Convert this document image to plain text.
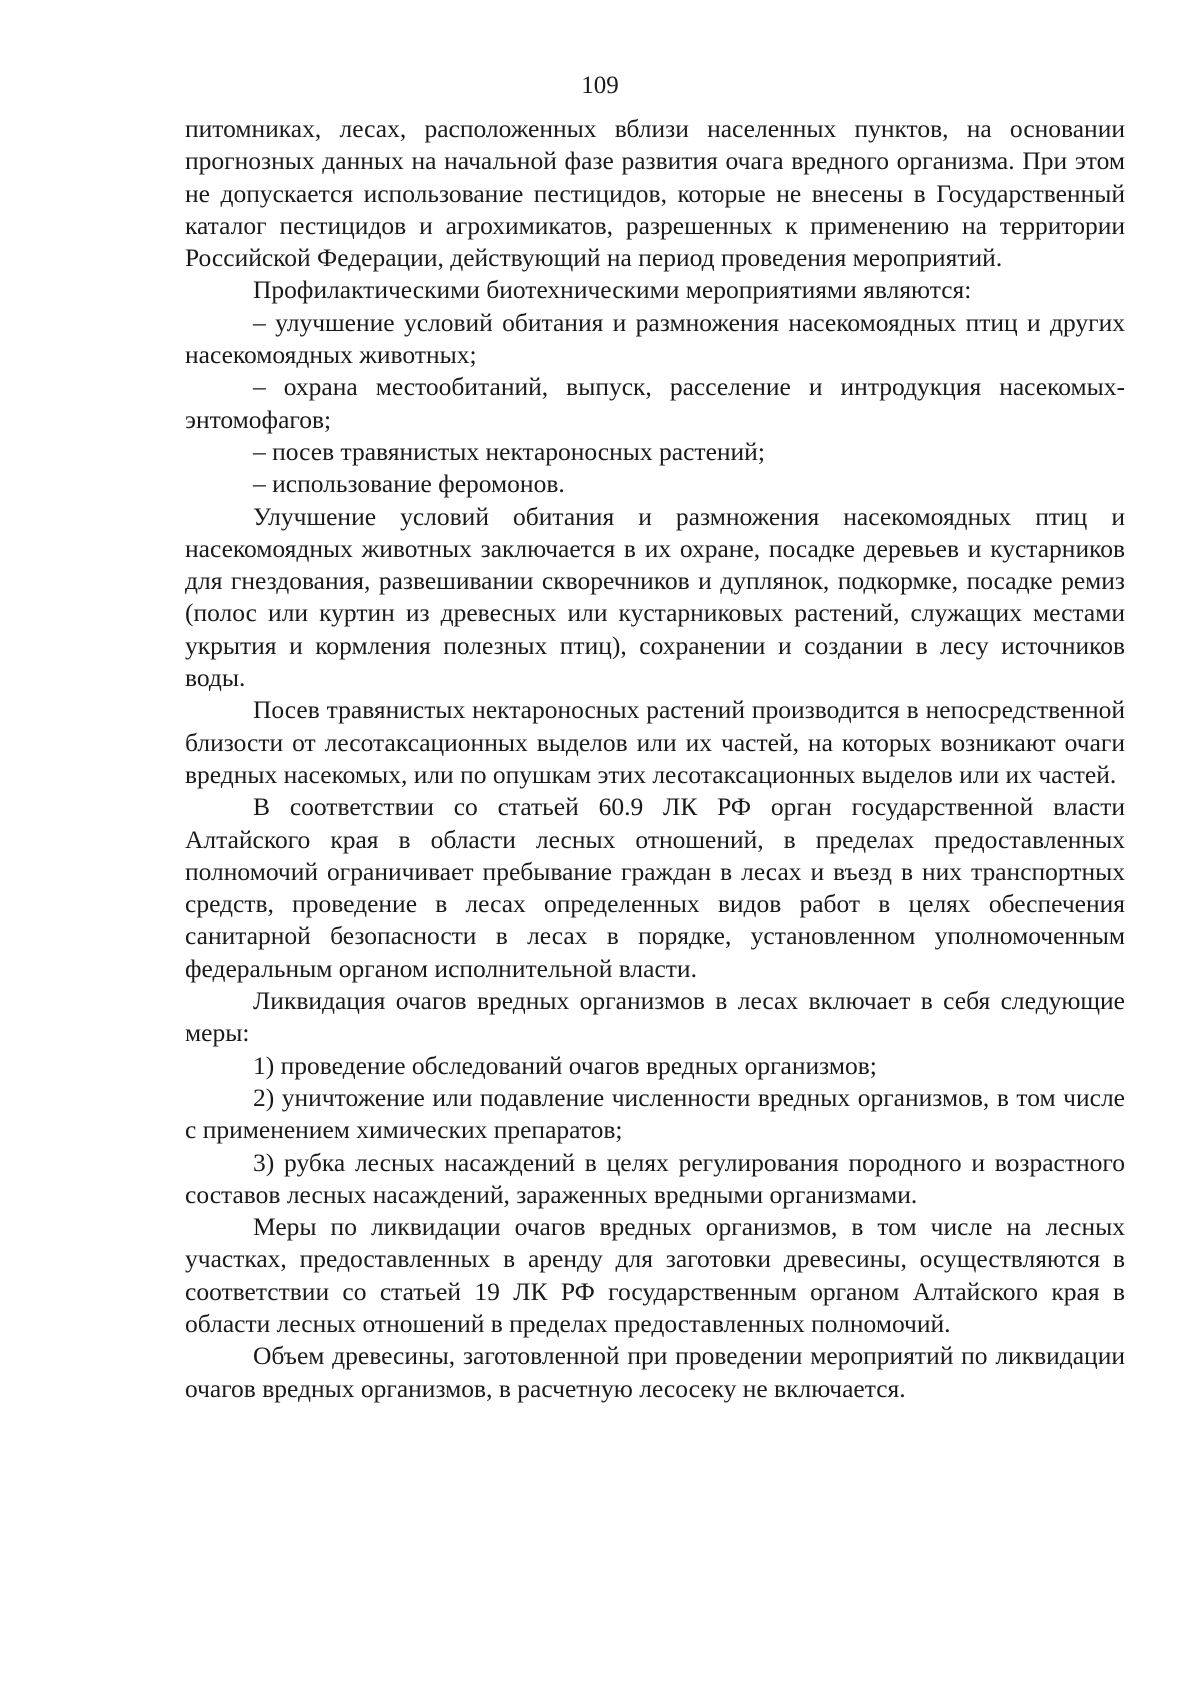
109

питомниках, лесах, расположенных вблизи населенных пунктов, на основании прогнозных данных на начальной фазе развития очага вредного организма. При этом не допускается использование пестицидов, которые не внесены в Государственный каталог пестицидов и агрохимикатов, разрешенных к применению на территории Российской Федерации, действующий на период проведения мероприятий.

Профилактическими биотехническими мероприятиями являются:

– улучшение условий обитания и размножения насекомоядных птиц и других насекомоядных животных;

– охрана местообитаний, выпуск, расселение и интродукция насекомых-энтомофагов;

– посев травянистых нектароносных растений;

– использование феромонов.

Улучшение условий обитания и размножения насекомоядных птиц и насекомоядных животных заключается в их охране, посадке деревьев и кустарников для гнездования, развешивании скворечников и дуплянок, подкормке, посадке ремиз (полос или куртин из древесных или кустарниковых растений, служащих местами укрытия и кормления полезных птиц), сохранении и создании в лесу источников воды.

Посев травянистых нектароносных растений производится в непосредственной близости от лесотаксационных выделов или их частей, на которых возникают очаги вредных насекомых, или по опушкам этих лесотаксационных выделов или их частей.

В соответствии со статьей 60.9 ЛК РФ орган государственной власти Алтайского края в области лесных отношений, в пределах предоставленных полномочий ограничивает пребывание граждан в лесах и въезд в них транспортных средств, проведение в лесах определенных видов работ в целях обеспечения санитарной безопасности в лесах в порядке, установленном уполномоченным федеральным органом исполнительной власти.

Ликвидация очагов вредных организмов в лесах включает в себя следующие меры:

1) проведение обследований очагов вредных организмов;

2) уничтожение или подавление численности вредных организмов, в том числе с применением химических препаратов;

3) рубка лесных насаждений в целях регулирования породного и возрастного составов лесных насаждений, зараженных вредными организмами.

Меры по ликвидации очагов вредных организмов, в том числе на лесных участках, предоставленных в аренду для заготовки древесины, осуществляются в соответствии со статьей 19 ЛК РФ государственным органом Алтайского края в области лесных отношений в пределах предоставленных полномочий.

Объем древесины, заготовленной при проведении мероприятий по ликвидации очагов вредных организмов, в расчетную лесосеку не включается.
